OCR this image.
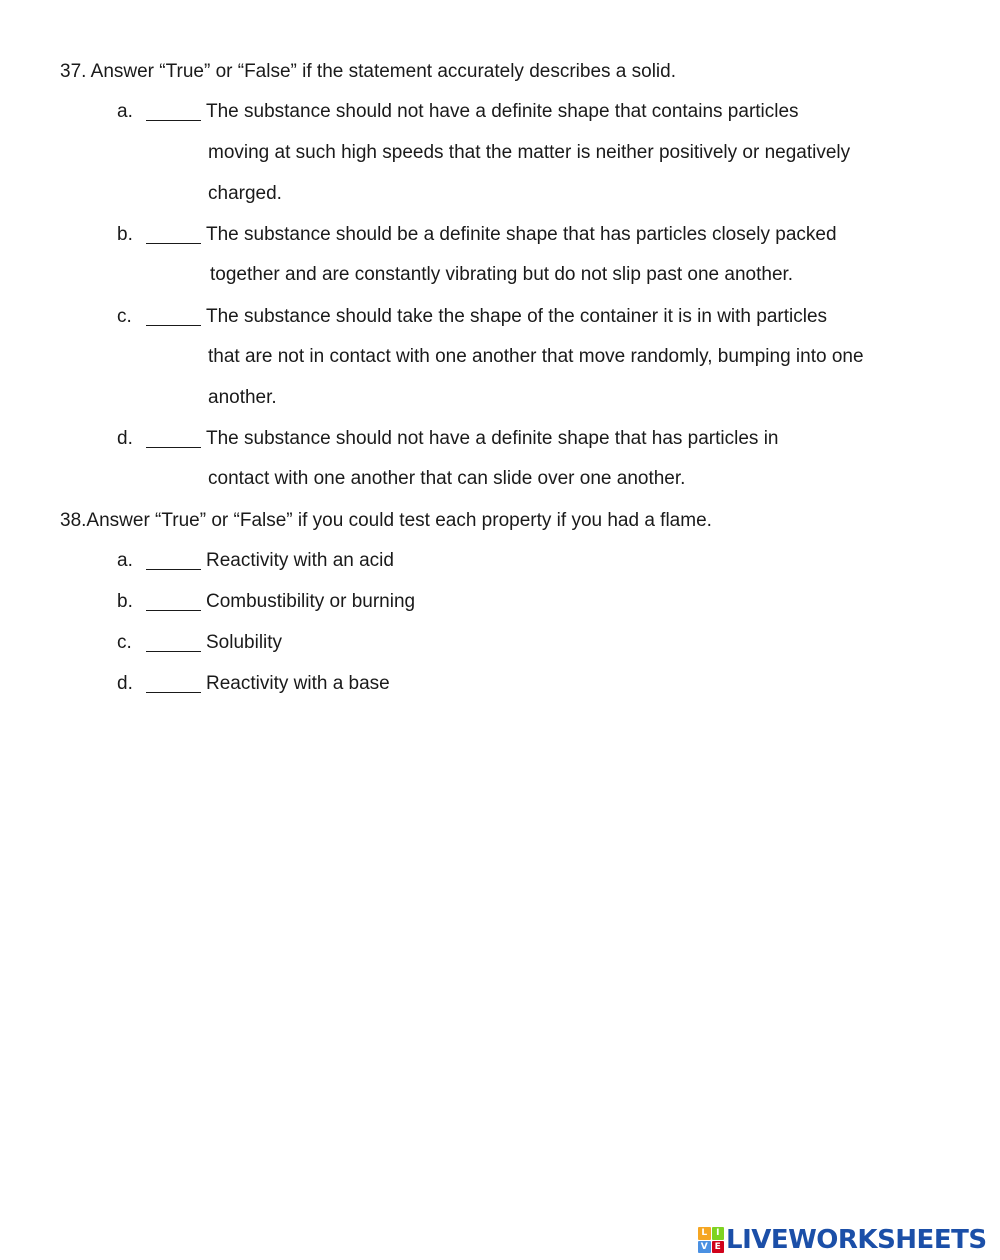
37. Answer “True” or “False” if the statement accurately describes a solid.
a.	The substance should not have a definite shape that contains particles
moving at such high speeds that the matter is neither positively or negatively
charged.
b.	The substance should be a definite shape that has particles closely packed
together and are constantly vibrating but do not slip past one another.
c.	The substance should take the shape of the container it is in with particles
that are not in contact with one another that move randomly, bumping into one
another.
d.	The substance should not have a definite shape that has particles in
contact with one another that can slide over one another.
38.Answer “True” or “False” if you could test each property if you had a flame.
a.	Reactivity with an acid
b.	Combustibility or burning
c.	Solubility
d.	Reactivity with a base
L I
V E LIVEWORKSHEETS
